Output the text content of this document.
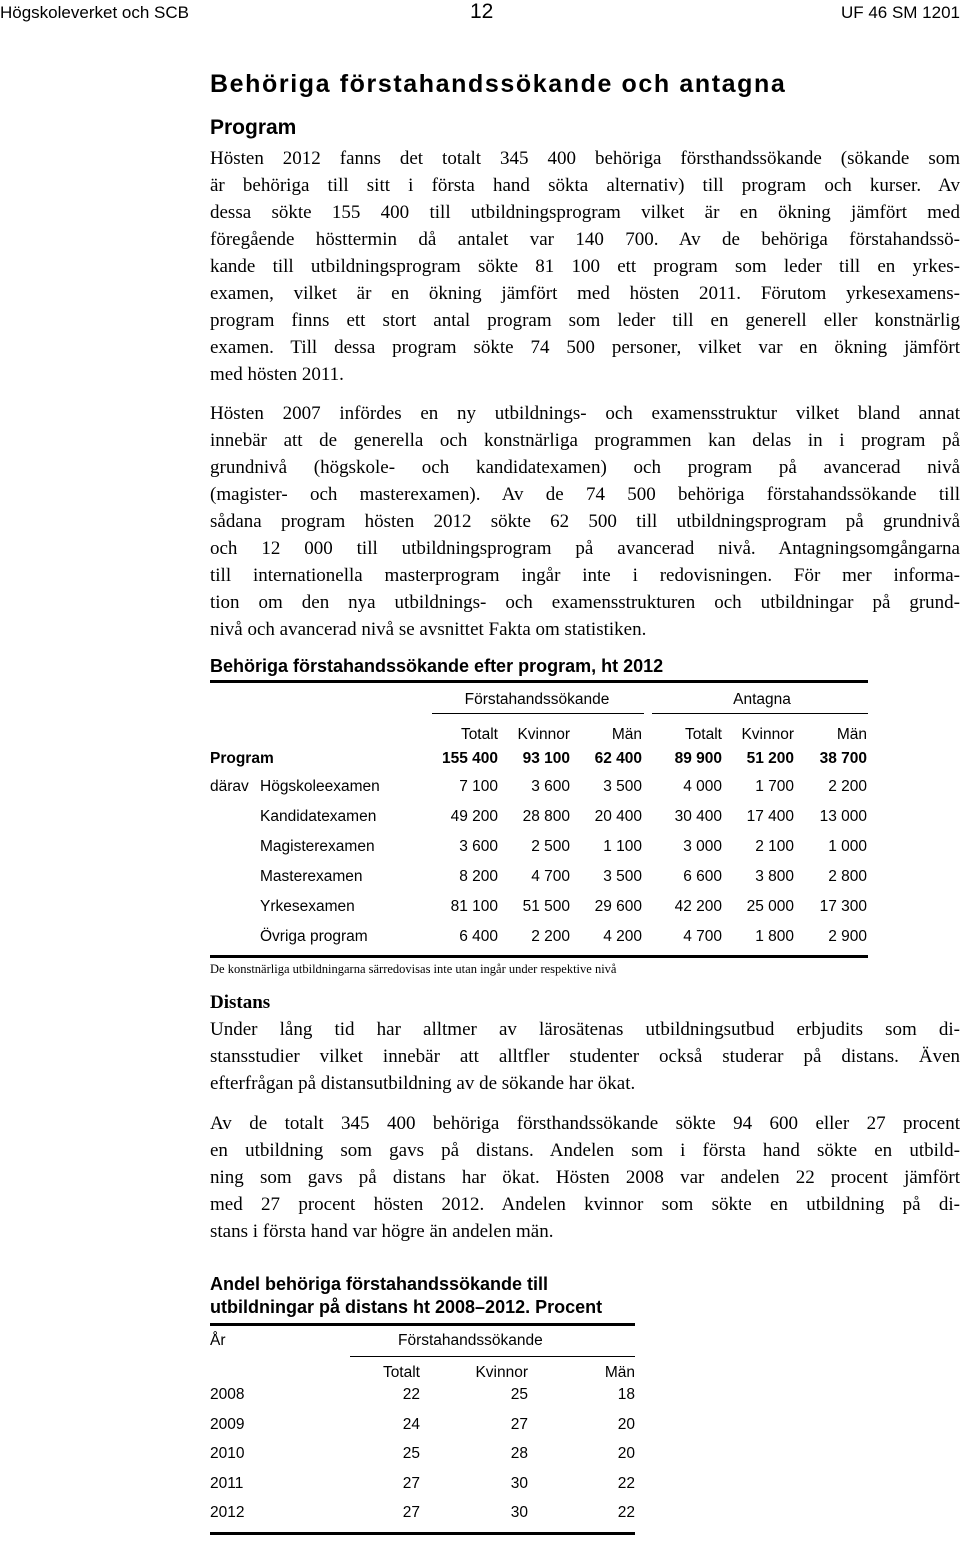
Högskoleverket och SCB	12	UF 46 SM 1201
Behöriga förstahandssökande och antagna
Program
Hösten 2012 fanns det totalt 345 400 behöriga försthandssökande (sökande som
är behöriga till sitt i första hand sökta alternativ) till program och kurser. Av
dessa sökte 155 400 till utbildningsprogram vilket är en ökning jämfört med
föregående hösttermin då antalet var 140 700. Av de behöriga förstahandssö-
kande till utbildningsprogram sökte 81 100 ett program som leder till en yrkes-
examen, vilket är en ökning jämfört med hösten 2011. Förutom yrkesexamens-
program finns ett stort antal program som leder till en generell eller konstnärlig
examen. Till dessa program sökte 74 500 personer, vilket var en ökning jämfört
med hösten 2011.
Hösten 2007 infördes en ny utbildnings- och examensstruktur vilket bland annat
innebär att de generella och konstnärliga programmen kan delas in i program på
grundnivå (högskole- och kandidatexamen) och program på avancerad nivå
(magister- och masterexamen). Av de 74 500 behöriga förstahandssökande till
sådana program hösten 2012 sökte 62 500 till utbildningsprogram på grundnivå
och 12 000 till utbildningsprogram på avancerad nivå. Antagningsomgångarna
till internationella masterprogram ingår inte i redovisningen. För mer informa-
tion om den nya utbildnings- och examensstrukturen och utbildningar på grund-
nivå och avancerad nivå se avsnittet Fakta om statistiken.
Behöriga förstahandssökande efter program, ht 2012
Förstahandssökande	Antagna
Totalt	Kvinnor	Män	Totalt	Kvinnor	Män
Program	155 400	93 100	62 400	89 900	51 200	38 700
därav Högskoleexamen	7 100	3 600	3 500	4 000	1 700	2 200
Kandidatexamen	49 200	28 800	20 400	30 400	17 400	13 000
Magisterexamen	3 600	2 500	1 100	3 000	2 100	1 000
Masterexamen	8 200	4 700	3 500	6 600	3 800	2 800
Yrkesexamen	81 100	51 500	29 600	42 200	25 000	17 300
Övriga program	6 400	2 200	4 200	4 700	1 800	2 900
De konstnärliga utbildningarna särredovisas inte utan ingår under respektive nivå
Distans
Under lång tid har alltmer av lärosätenas utbildningsutbud erbjudits som di-
stansstudier vilket innebär att alltfler studenter också studerar på distans. Även
efterfrågan på distansutbildning av de sökande har ökat.
Av de totalt 345 400 behöriga försthandssökande sökte 94 600 eller 27 procent
en utbildning som gavs på distans. Andelen som i första hand sökte en utbild-
ning som gavs på distans har ökat. Hösten 2008 var andelen 22 procent jämfört
med 27 procent hösten 2012. Andelen kvinnor som sökte en utbildning på di-
stans i första hand var högre än andelen män.
Andel behöriga förstahandssökande till
utbildningar på distans ht 2008–2012. Procent
År	Förstahandssökande
Totalt	Kvinnor	Män
2008	22	25	18
2009	24	27	20
2010	25	28	20
2011	27	30	22
2012	27	30	22
